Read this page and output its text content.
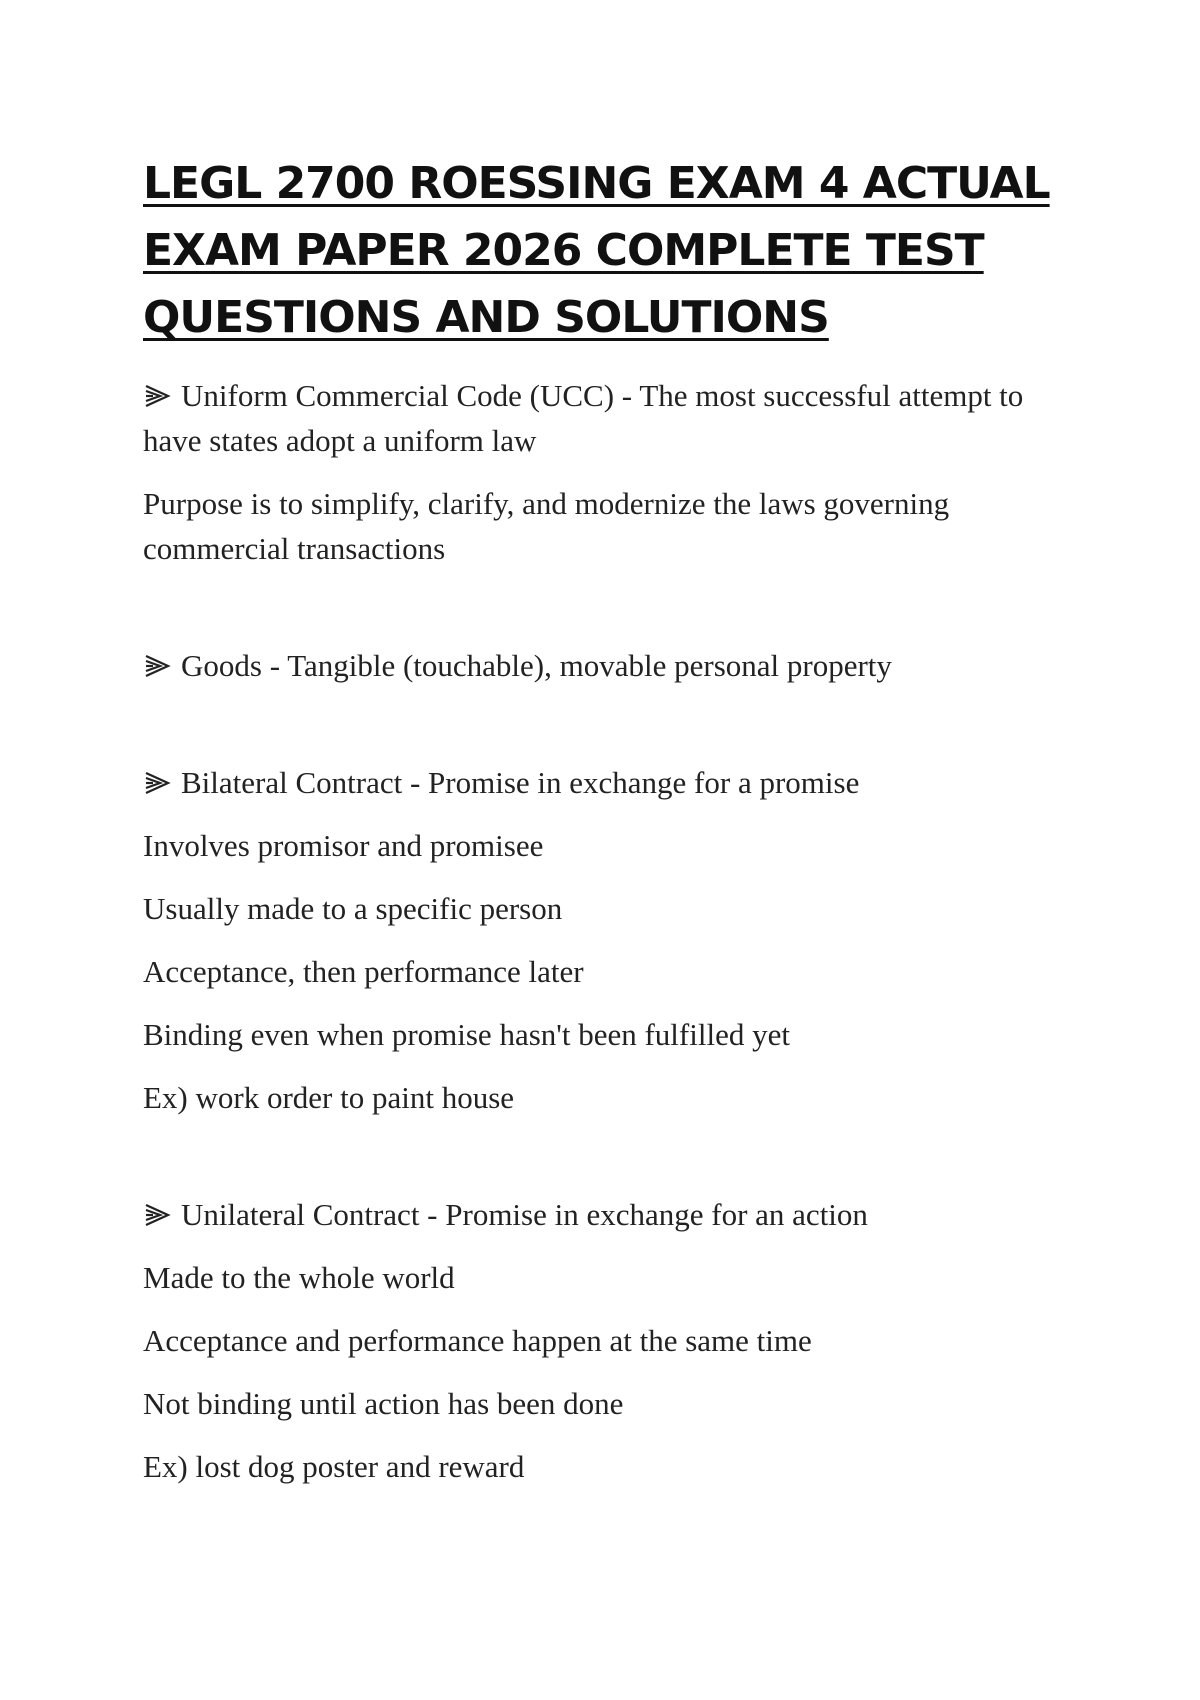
LEGL 2700 ROESSING EXAM 4 ACTUAL
EXAM PAPER 2026 COMPLETE TEST
QUESTIONS AND SOLUTIONS

Uniform Commercial Code (UCC) - The most successful attempt to have states adopt a uniform law

Purpose is to simplify, clarify, and modernize the laws governing commercial transactions

Goods - Tangible (touchable), movable personal property

Bilateral Contract - Promise in exchange for a promise

Involves promisor and promisee

Usually made to a specific person

Acceptance, then performance later

Binding even when promise hasn't been fulfilled yet

Ex) work order to paint house

Unilateral Contract - Promise in exchange for an action

Made to the whole world

Acceptance and performance happen at the same time

Not binding until action has been done

Ex) lost dog poster and reward
